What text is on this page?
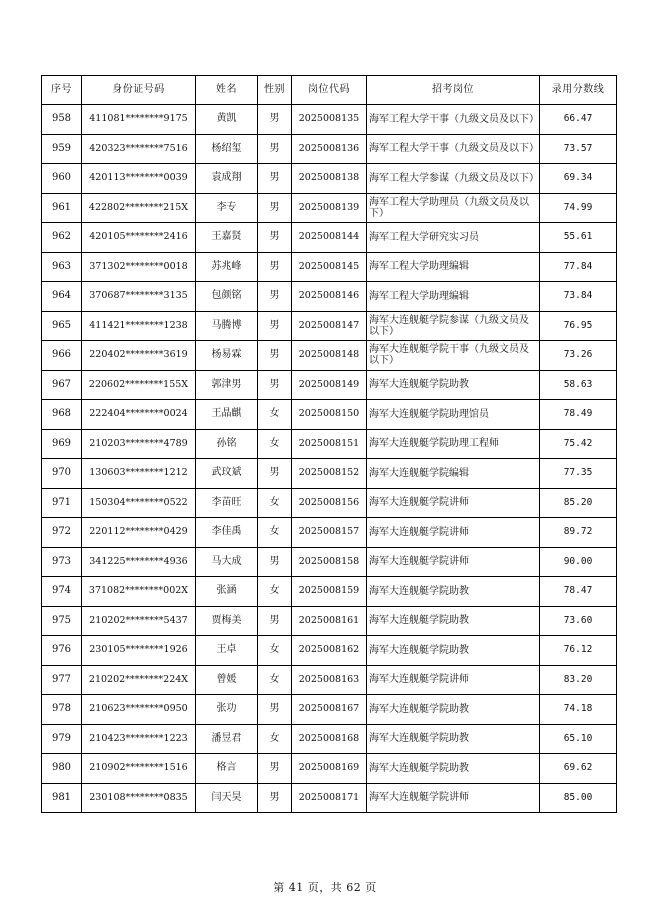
序号	身份证号码	姓名	性别	岗位代码	招考岗位	录用分数线
958	411081********9175	黄凯	男	2025008135	海军工程大学干事（九级文员及以下）	66.47
959	420323********7516	杨绍玺	男	2025008136	海军工程大学干事（九级文员及以下）	73.57
960	420113********0039	袁成翔	男	2025008138	海军工程大学参谋（九级文员及以下）	69.34
961	422802********215X	李专	男	2025008139	海军工程大学助理员（九级文员及以下）	74.99
962	420105********2416	王嘉贤	男	2025008144	海军工程大学研究实习员	55.61
963	371302********0018	苏兆峰	男	2025008145	海军工程大学助理编辑	77.84
964	370687********3135	包颜铭	男	2025008146	海军工程大学助理编辑	73.84
965	411421********1238	马腾博	男	2025008147	海军大连舰艇学院参谋（九级文员及以下）	76.95
966	220402********3619	杨易霖	男	2025008148	海军大连舰艇学院干事（九级文员及以下）	73.26
967	220602********155X	郭津男	男	2025008149	海军大连舰艇学院助教	58.63
968	222404********0024	王晶麒	女	2025008150	海军大连舰艇学院助理馆员	78.49
969	210203********4789	孙铭	女	2025008151	海军大连舰艇学院助理工程师	75.42
970	130603********1212	武玟斌	男	2025008152	海军大连舰艇学院编辑	77.35
971	150304********0522	李苗旺	女	2025008156	海军大连舰艇学院讲师	85.20
972	220112********0429	李佳禹	女	2025008157	海军大连舰艇学院讲师	89.72
973	341225********4936	马大成	男	2025008158	海军大连舰艇学院讲师	90.00
974	371082********002X	张涵	女	2025008159	海军大连舰艇学院助教	78.47
975	210202********5437	贾梅美	男	2025008161	海军大连舰艇学院助教	73.60
976	230105********1926	王卓	女	2025008162	海军大连舰艇学院助教	76.12
977	210202********224X	曾媛	女	2025008163	海军大连舰艇学院讲师	83.20
978	210623********0950	张功	男	2025008167	海军大连舰艇学院助教	74.18
979	210423********1223	潘昱君	女	2025008168	海军大连舰艇学院助教	65.10
980	210902********1516	格言	男	2025008169	海军大连舰艇学院助教	69.62
981	230108********0835	闫天昊	男	2025008171	海军大连舰艇学院讲师	85.00
第 41 页，共 62 页
